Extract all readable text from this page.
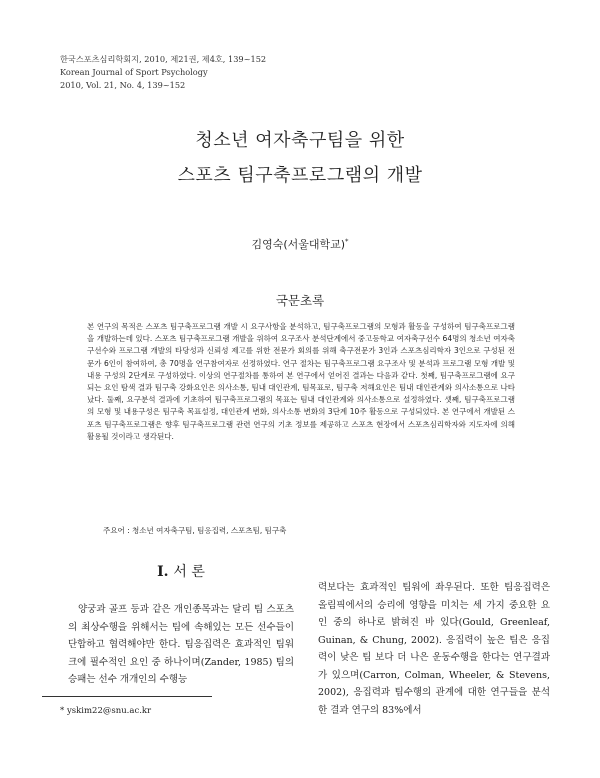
한국스포츠심리학회지, 2010, 제21권, 제4호, 139~152
Korean Journal of Sport Psychology
2010, Vol. 21, No. 4, 139~152
청소년 여자축구팀을 위한
스포츠 팀구축프로그램의 개발
김영숙(서울대학교)*
국문초록
본 연구의 목적은 스포츠 팀구축프로그램 개발 시 요구사항을 분석하고, 팀구축프로그램의 모형과 활동을 구성하여 팀구축프로그램을 개발하는데 있다. 스포츠 팀구축프로그램 개발을 위하여 요구조사 분석단계에서 중고등학교 여자축구선수 64명의 청소년 여자축구선수와 프로그램 개발의 타당성과 신뢰성 제고를 위한 전문가 회의를 위해 축구전문가 3인과 스포츠심리학자 3인으로 구성된 전문가 6인이 참여하여, 총 70명을 연구참여자로 선정하였다. 연구 절차는 팀구축프로그램 요구조사 및 분석과 프로그램 모형 개발 및 내용 구성의 2단계로 구성하였다. 이상의 연구절차를 통하여 본 연구에서 얻어진 결과는 다음과 같다. 첫째, 팀구축프로그램에 요구되는 요인 탐색 결과 팀구축 강화요인은 의사소통, 팀내 대인관계, 팀목표로, 팀구축 저해요인은 팀내 대인관계와 의사소통으로 나타났다. 둘째, 요구분석 결과에 기초하여 팀구축프로그램의 목표는 팀내 대인관계와 의사소통으로 설정하였다. 셋째, 팀구축프로그램의 모형 및 내용구성은 팀구축 목표설정, 대인관계 변화, 의사소통 변화의 3단계 10주 활동으로 구성되었다. 본 연구에서 개발된 스포츠 팀구축프로그램은 향후 팀구축프로그램 관련 연구의 기초 정보를 제공하고 스포츠 현장에서 스포츠심리학자와 지도자에 의해 활용될 것이라고 생각된다.
주요어 : 청소년 여자축구팀, 팀응집력, 스포츠팀, 팀구축
I. 서 론
양궁과 골프 등과 같은 개인종목과는 달리 팀 스포츠의 최상수행을 위해서는 팀에 속해있는 모든 선수들이 단합하고 협력해야만 한다. 팀응집력은 효과적인 팀워크에 필수적인 요인 중 하나이며(Zander, 1985) 팀의 승패는 선수 개개인의 수행능
력보다는 효과적인 팀워에 좌우된다. 또한 팀응집력은 올림픽에서의 승리에 영향을 미치는 세 가지 중요한 요인 중의 하나로 밝혀진 바 있다(Gould, Greenleaf, Guinan, & Chung, 2002). 응집력이 높은 팀은 응집력이 낮은 팀 보다 더 나은 운동수행을 한다는 연구결과가 있으며(Carron, Colman, Wheeler, & Stevens, 2002), 응집력과 팀수행의 관계에 대한 연구들을 분석한 결과 연구의 83%에서
* yskim22@snu.ac.kr
